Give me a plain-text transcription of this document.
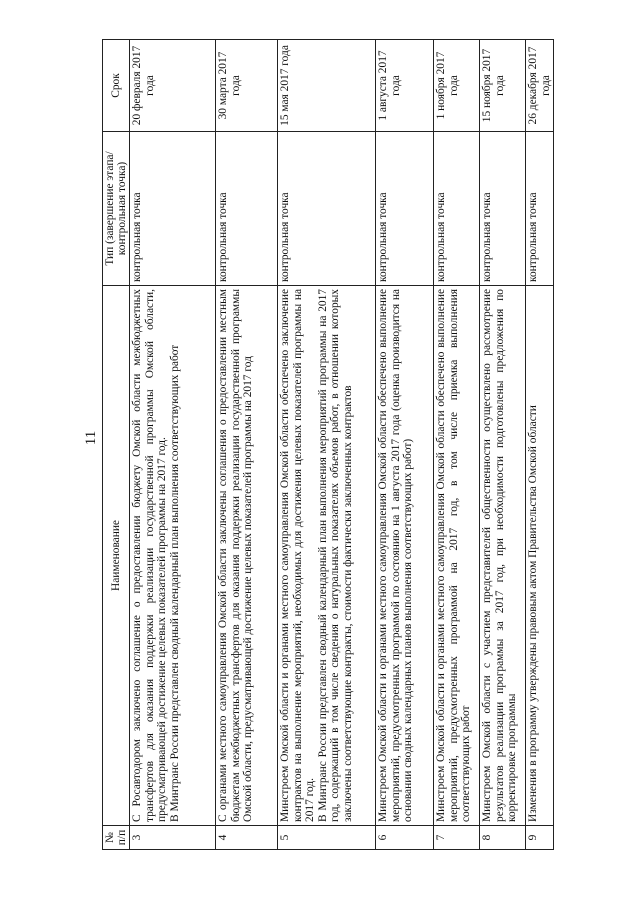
11
№ п/п	Наименование	Тип (завершение этапа/контрольная точка)	Срок
3	С Росавтодором заключено соглашение о предоставлении бюджету Омской области межбюджетных трансфертов для оказания поддержки реализации государственной программы Омской области, предусматривающей достижение целевых показателей программы на 2017 год. В Минтранс России представлен сводный календарный план выполнения соответствующих работ	контрольная точка	20 февраля 2017 года
4	С органами местного самоуправления Омской области заключены соглашения о предоставлении местным бюджетам межбюджетных трансфертов для оказания поддержки реализации государственной программы Омской области, предусматривающей достижение целевых показателей программы на 2017 год	контрольная точка	30 марта 2017 года
5	Минстроем Омской области и органами местного самоуправления Омской области обеспечено заключение контрактов на выполнение мероприятий, необходимых для достижения целевых показателей программы на 2017 год. В Минтранс России представлен сводный календарный план выполнения мероприятий программы на 2017 год, содержащий в том числе сведения о натуральных показателях объемов работ, в отношении которых заключены соответствующие контракты, стоимости фактически заключенных контрактов	контрольная точка	15 мая 2017 года
6	Минстроем Омской области и органами местного самоуправления Омской области обеспечено выполнение мероприятий, предусмотренных программой по состоянию на 1 августа 2017 года (оценка производится на основании сводных календарных планов выполнения соответствующих работ)	контрольная точка	1 августа 2017 года
7	Минстроем Омской области и органами местного самоуправления Омской области обеспечено выполнение мероприятий, предусмотренных программой на 2017 год, в том числе приемка выполнения соответствующих работ	контрольная точка	1 ноября 2017 года
8	Минстроем Омской области с участием представителей общественности осуществлено рассмотрение результатов реализации программы за 2017 год, при необходимости подготовлены предложения по корректировке программы	контрольная точка	15 ноября 2017 года
9	Изменения в программу утверждены правовым актом Правительства Омской области	контрольная точка	26 декабря 2017 года
